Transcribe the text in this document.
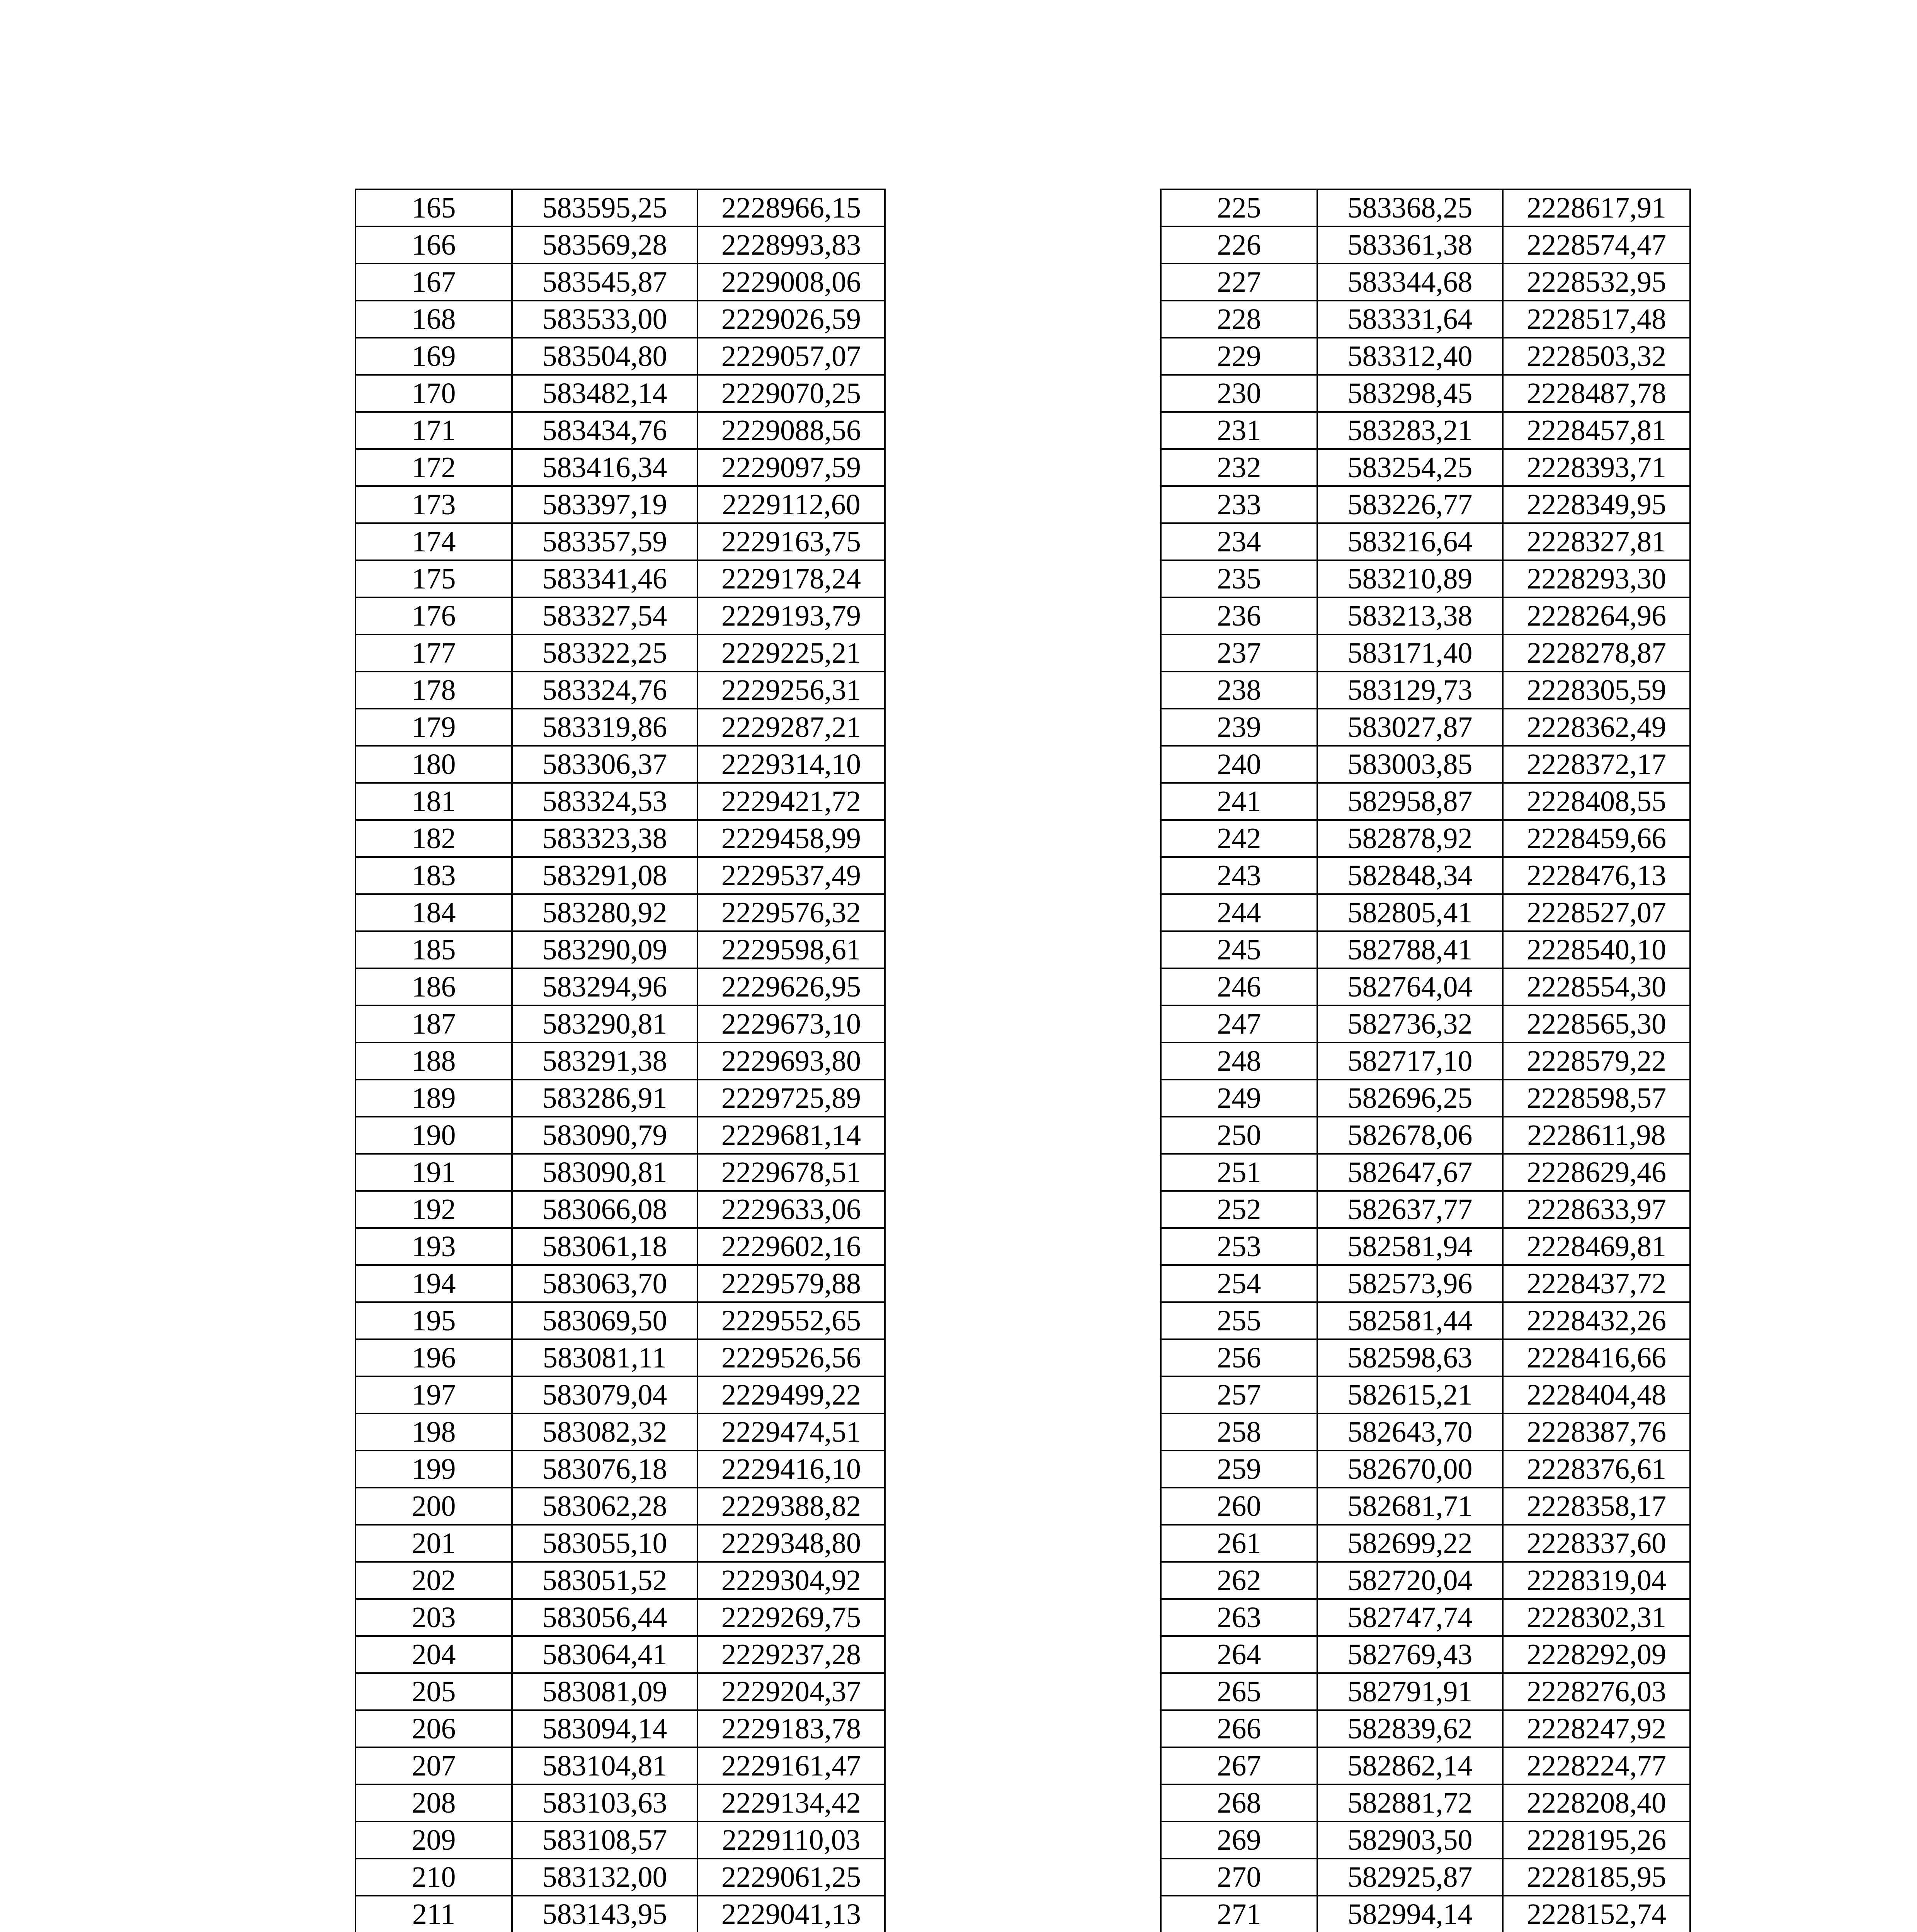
165	583595,25	2228966,15
166	583569,28	2228993,83
167	583545,87	2229008,06
168	583533,00	2229026,59
169	583504,80	2229057,07
170	583482,14	2229070,25
171	583434,76	2229088,56
172	583416,34	2229097,59
173	583397,19	2229112,60
174	583357,59	2229163,75
175	583341,46	2229178,24
176	583327,54	2229193,79
177	583322,25	2229225,21
178	583324,76	2229256,31
179	583319,86	2229287,21
180	583306,37	2229314,10
181	583324,53	2229421,72
182	583323,38	2229458,99
183	583291,08	2229537,49
184	583280,92	2229576,32
185	583290,09	2229598,61
186	583294,96	2229626,95
187	583290,81	2229673,10
188	583291,38	2229693,80
189	583286,91	2229725,89
190	583090,79	2229681,14
191	583090,81	2229678,51
192	583066,08	2229633,06
193	583061,18	2229602,16
194	583063,70	2229579,88
195	583069,50	2229552,65
196	583081,11	2229526,56
197	583079,04	2229499,22
198	583082,32	2229474,51
199	583076,18	2229416,10
200	583062,28	2229388,82
201	583055,10	2229348,80
202	583051,52	2229304,92
203	583056,44	2229269,75
204	583064,41	2229237,28
205	583081,09	2229204,37
206	583094,14	2229183,78
207	583104,81	2229161,47
208	583103,63	2229134,42
209	583108,57	2229110,03
210	583132,00	2229061,25
211	583143,95	2229041,13

225	583368,25	2228617,91
226	583361,38	2228574,47
227	583344,68	2228532,95
228	583331,64	2228517,48
229	583312,40	2228503,32
230	583298,45	2228487,78
231	583283,21	2228457,81
232	583254,25	2228393,71
233	583226,77	2228349,95
234	583216,64	2228327,81
235	583210,89	2228293,30
236	583213,38	2228264,96
237	583171,40	2228278,87
238	583129,73	2228305,59
239	583027,87	2228362,49
240	583003,85	2228372,17
241	582958,87	2228408,55
242	582878,92	2228459,66
243	582848,34	2228476,13
244	582805,41	2228527,07
245	582788,41	2228540,10
246	582764,04	2228554,30
247	582736,32	2228565,30
248	582717,10	2228579,22
249	582696,25	2228598,57
250	582678,06	2228611,98
251	582647,67	2228629,46
252	582637,77	2228633,97
253	582581,94	2228469,81
254	582573,96	2228437,72
255	582581,44	2228432,26
256	582598,63	2228416,66
257	582615,21	2228404,48
258	582643,70	2228387,76
259	582670,00	2228376,61
260	582681,71	2228358,17
261	582699,22	2228337,60
262	582720,04	2228319,04
263	582747,74	2228302,31
264	582769,43	2228292,09
265	582791,91	2228276,03
266	582839,62	2228247,92
267	582862,14	2228224,77
268	582881,72	2228208,40
269	582903,50	2228195,26
270	582925,87	2228185,95
271	582994,14	2228152,74
